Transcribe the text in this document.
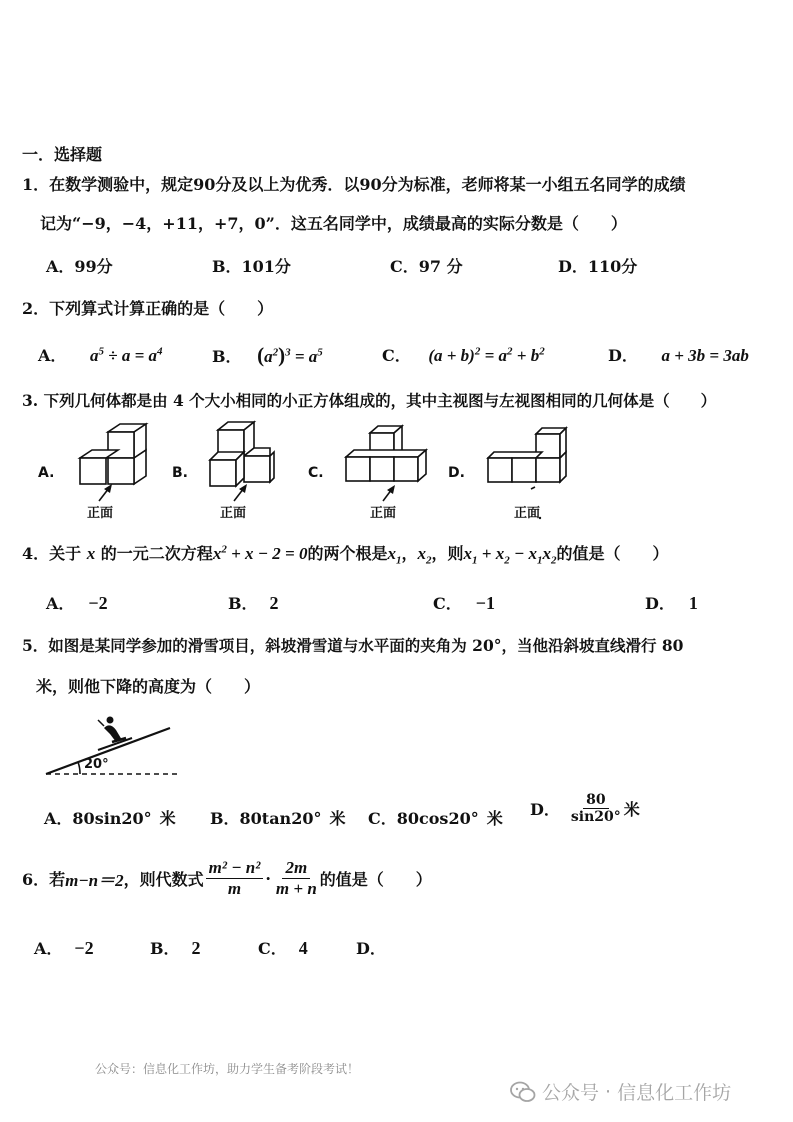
一．选择题
1．在数学测验中，规定90分及以上为优秀．以90分为标准，老师将某一小组五名同学的成绩
记为“−9，−4，+11，+7，0”．这五名同学中，成绩最高的实际分数是（　　）
A．99分	B．101分	C．97 分	D．110分
2．下列算式计算正确的是（　　）
A． $a^5 \div a = a^4$	B． $(a^2)^3 = a^5$	C． $(a + b)^2 = a^2 + b^2$	D． a + 3b = 3ab
3. 下列几何体都是由 4 个大小相同的小正方体组成的，其中主视图与左视图相同的几何体是（　　）
A.	B.	C.	D.
正面	正面	正面	正面
4．关于 x 的一元二次方程$x^2 + x - 2 = 0$的两个根是$x_1$，$x_2$，则$x_1 + x_2 - x_1x_2$的值是（　　）
A． −2	B． 2	C． −1	D． 1
5．如图是某同学参加的滑雪项目，斜坡滑雪道与水平面的夹角为 20°，当他沿斜坡直线滑行 80
米，则他下降的高度为（　　）
20°
A．80sin20° 米 B．80tan20° 米 C．80cos20° 米 D． $\frac{80}{\sin 20^\circ}$ 米
6．若 m−n＝2 ，则代数式 $\frac{\text{m² − n²}}{m} \cdot \frac{2m}{m + n}$ 的值是（　　）
A． −2	B． 2	C． 4	D．
公众号：信息化工作坊，助力学生备考阶段考试！
公众号 · 信息化工作坊
